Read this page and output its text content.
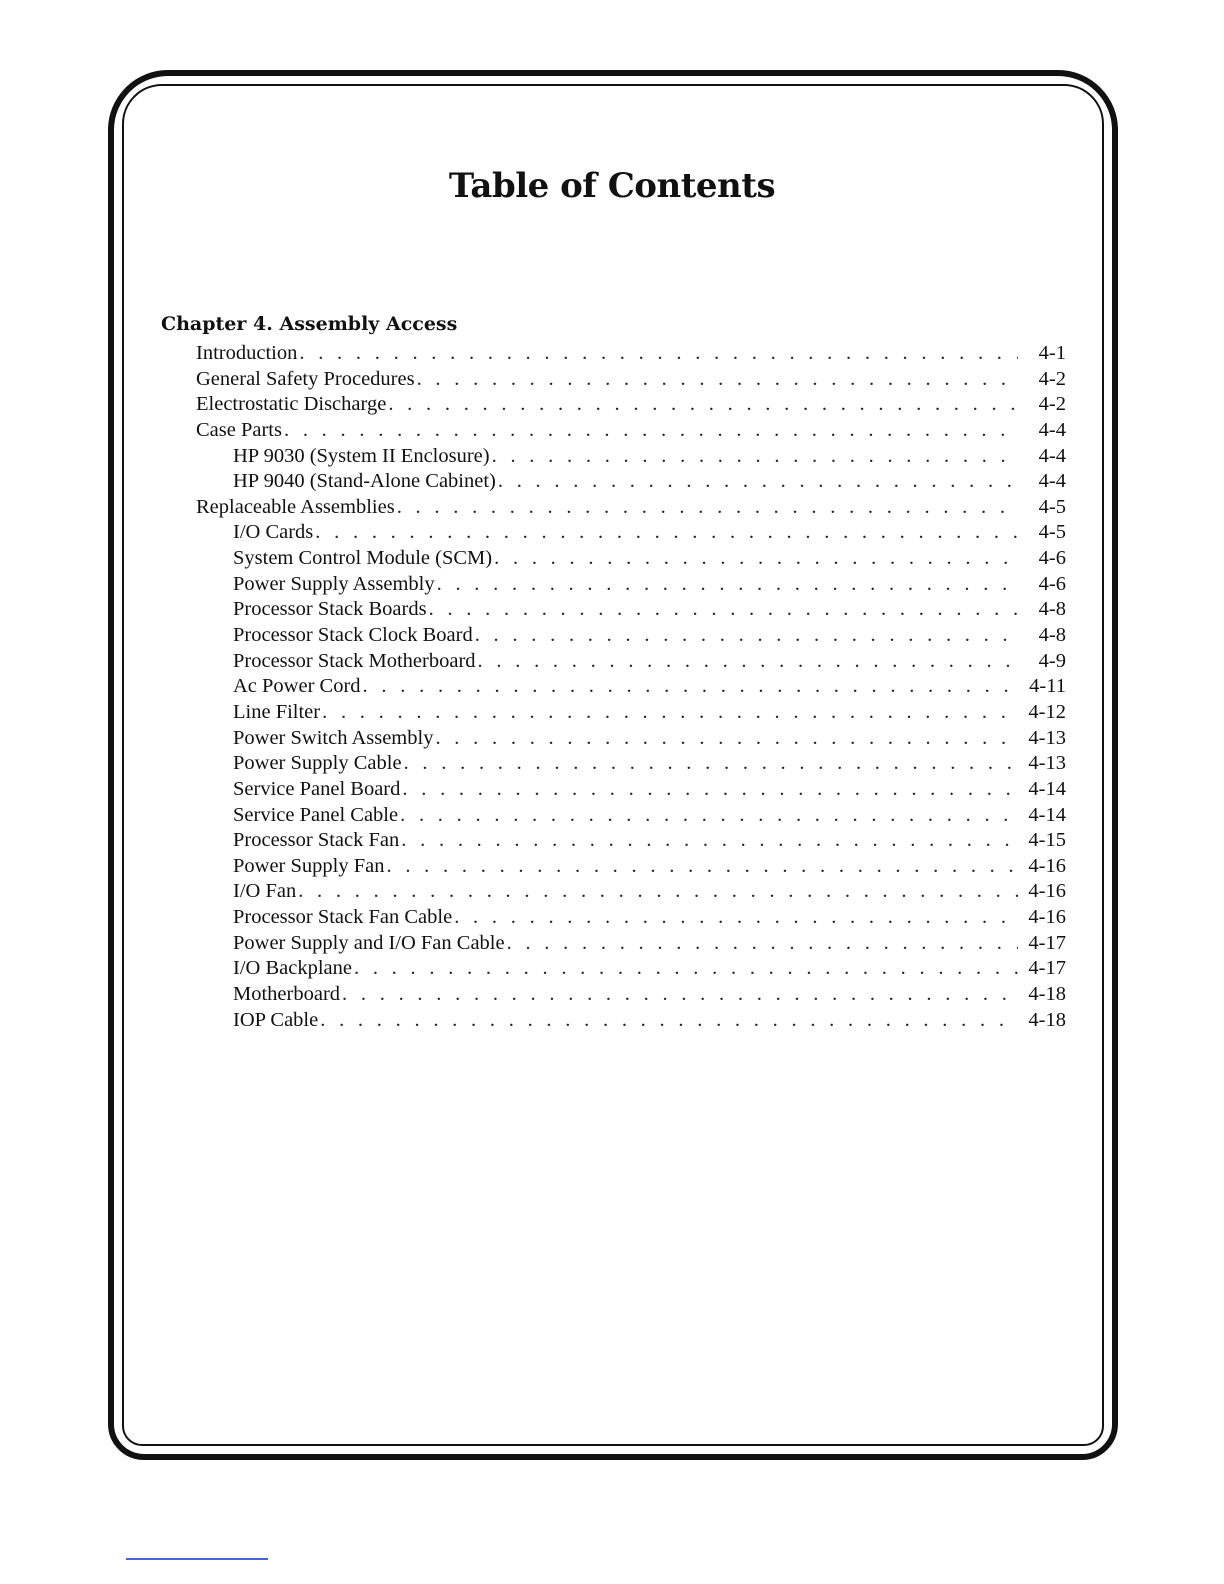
Table of Contents
Chapter 4. Assembly Access
Introduction . . .	4-1
General Safety Procedures . . .	4-2
Electrostatic Discharge . . .	4-2
Case Parts . . .	4-4
HP 9030 (System II Enclosure) . . .	4-4
HP 9040 (Stand-Alone Cabinet) . . .	4-4
Replaceable Assemblies . . .	4-5
I/O Cards . . .	4-5
System Control Module (SCM) . . .	4-6
Power Supply Assembly . . .	4-6
Processor Stack Boards . . .	4-8
Processor Stack Clock Board . . .	4-8
Processor Stack Motherboard . . .	4-9
Ac Power Cord . . .	4-11
Line Filter . . .	4-12
Power Switch Assembly . . .	4-13
Power Supply Cable . . .	4-13
Service Panel Board . . .	4-14
Service Panel Cable . . .	4-14
Processor Stack Fan . . .	4-15
Power Supply Fan . . .	4-16
I/O Fan . . .	4-16
Processor Stack Fan Cable . . .	4-16
Power Supply and I/O Fan Cable . . .	4-17
I/O Backplane . . .	4-17
Motherboard . . .	4-18
IOP Cable . . .	4-18
